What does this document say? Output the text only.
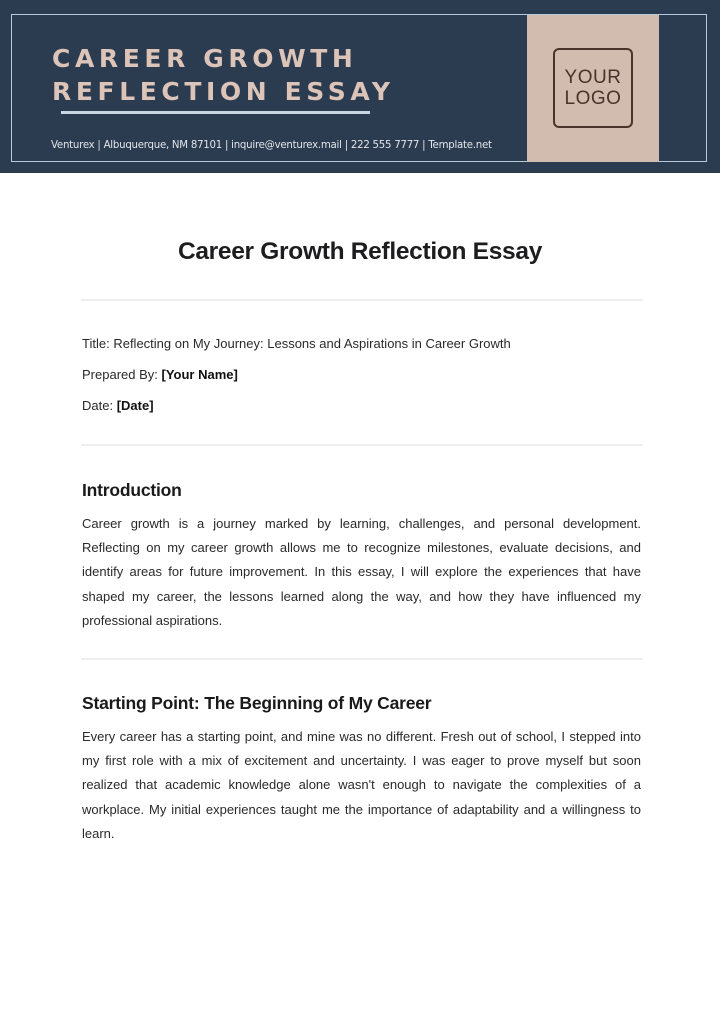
CAREER GROWTH
REFLECTION ESSAY
Venturex | Albuquerque, NM 87101 | inquire@venturex.mail | 222 555 7777 | Template.net
YOUR
LOGO
Career Growth Reflection Essay
Title: Reflecting on My Journey: Lessons and Aspirations in Career Growth
Prepared By: [Your Name]
Date: [Date]
Introduction

Career growth is a journey marked by learning, challenges, and personal development. Reflecting on my career growth allows me to recognize milestones, evaluate decisions, and identify areas for future improvement. In this essay, I will explore the experiences that have shaped my career, the lessons learned along the way, and how they have influenced my professional aspirations.

Starting Point: The Beginning of My Career

Every career has a starting point, and mine was no different. Fresh out of school, I stepped into my first role with a mix of excitement and uncertainty. I was eager to prove myself but soon realized that academic knowledge alone wasn't enough to navigate the complexities of a workplace. My initial experiences taught me the importance of adaptability and a willingness to learn.
